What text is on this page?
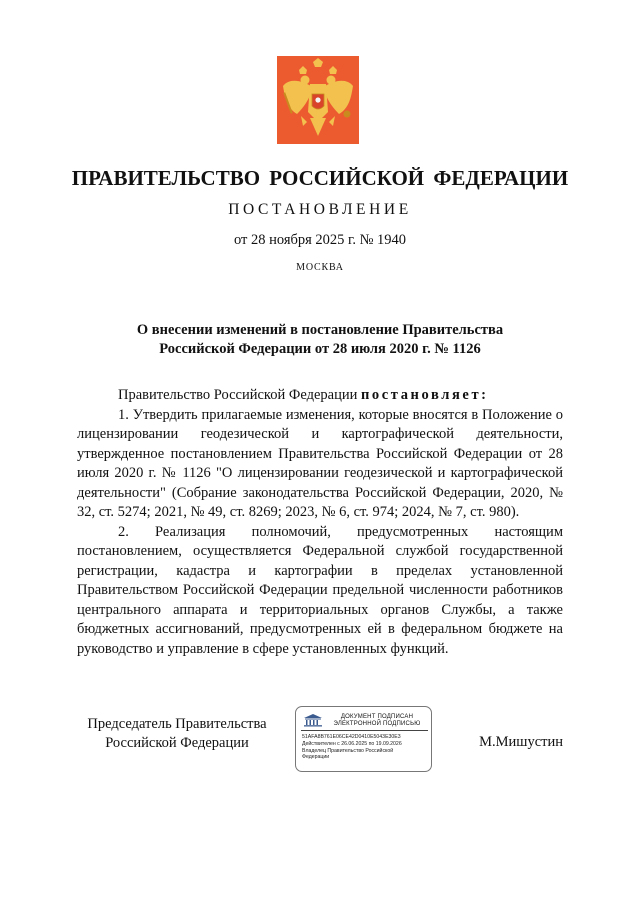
ПРАВИТЕЛЬСТВО РОССИЙСКОЙ ФЕДЕРАЦИИ
ПОСТАНОВЛЕНИЕ
от 28 ноября 2025 г. № 1940
МОСКВА
О внесении изменений в постановление Правительства
Российской Федерации от 28 июля 2020 г. № 1126

Правительство Российской Федерации постановляет:

1. Утвердить прилагаемые изменения, которые вносятся в Положение о лицензировании геодезической и картографической деятельности, утвержденное постановлением Правительства Российской Федерации от 28 июля 2020 г. № 1126 "О лицензировании геодезической и картографической деятельности" (Собрание законодательства Российской Федерации, 2020, № 32, ст. 5274; 2021, № 49, ст. 8269; 2023, № 6, ст. 974; 2024, № 7, ст. 980).

2. Реализация полномочий, предусмотренных настоящим постановлением, осуществляется Федеральной службой государственной регистрации, кадастра и картографии в пределах установленной Правительством Российской Федерации предельной численности работников центрального аппарата и территориальных органов Службы, а также бюджетных ассигнований, предусмотренных ей в федеральном бюджете на руководство и управление в сфере установленных функций.

Председатель Правительства
Российской Федерации
ДОКУМЕНТ ПОДПИСАН
ЭЛЕКТРОННОЙ ПОДПИСЬЮ
51AFA8B761E06CE42D0410E5043E30E3
Действителен с 26.06.2025 по 19.09.2026
Владелец Правительство Российской
Федерации
М.Мишустин
